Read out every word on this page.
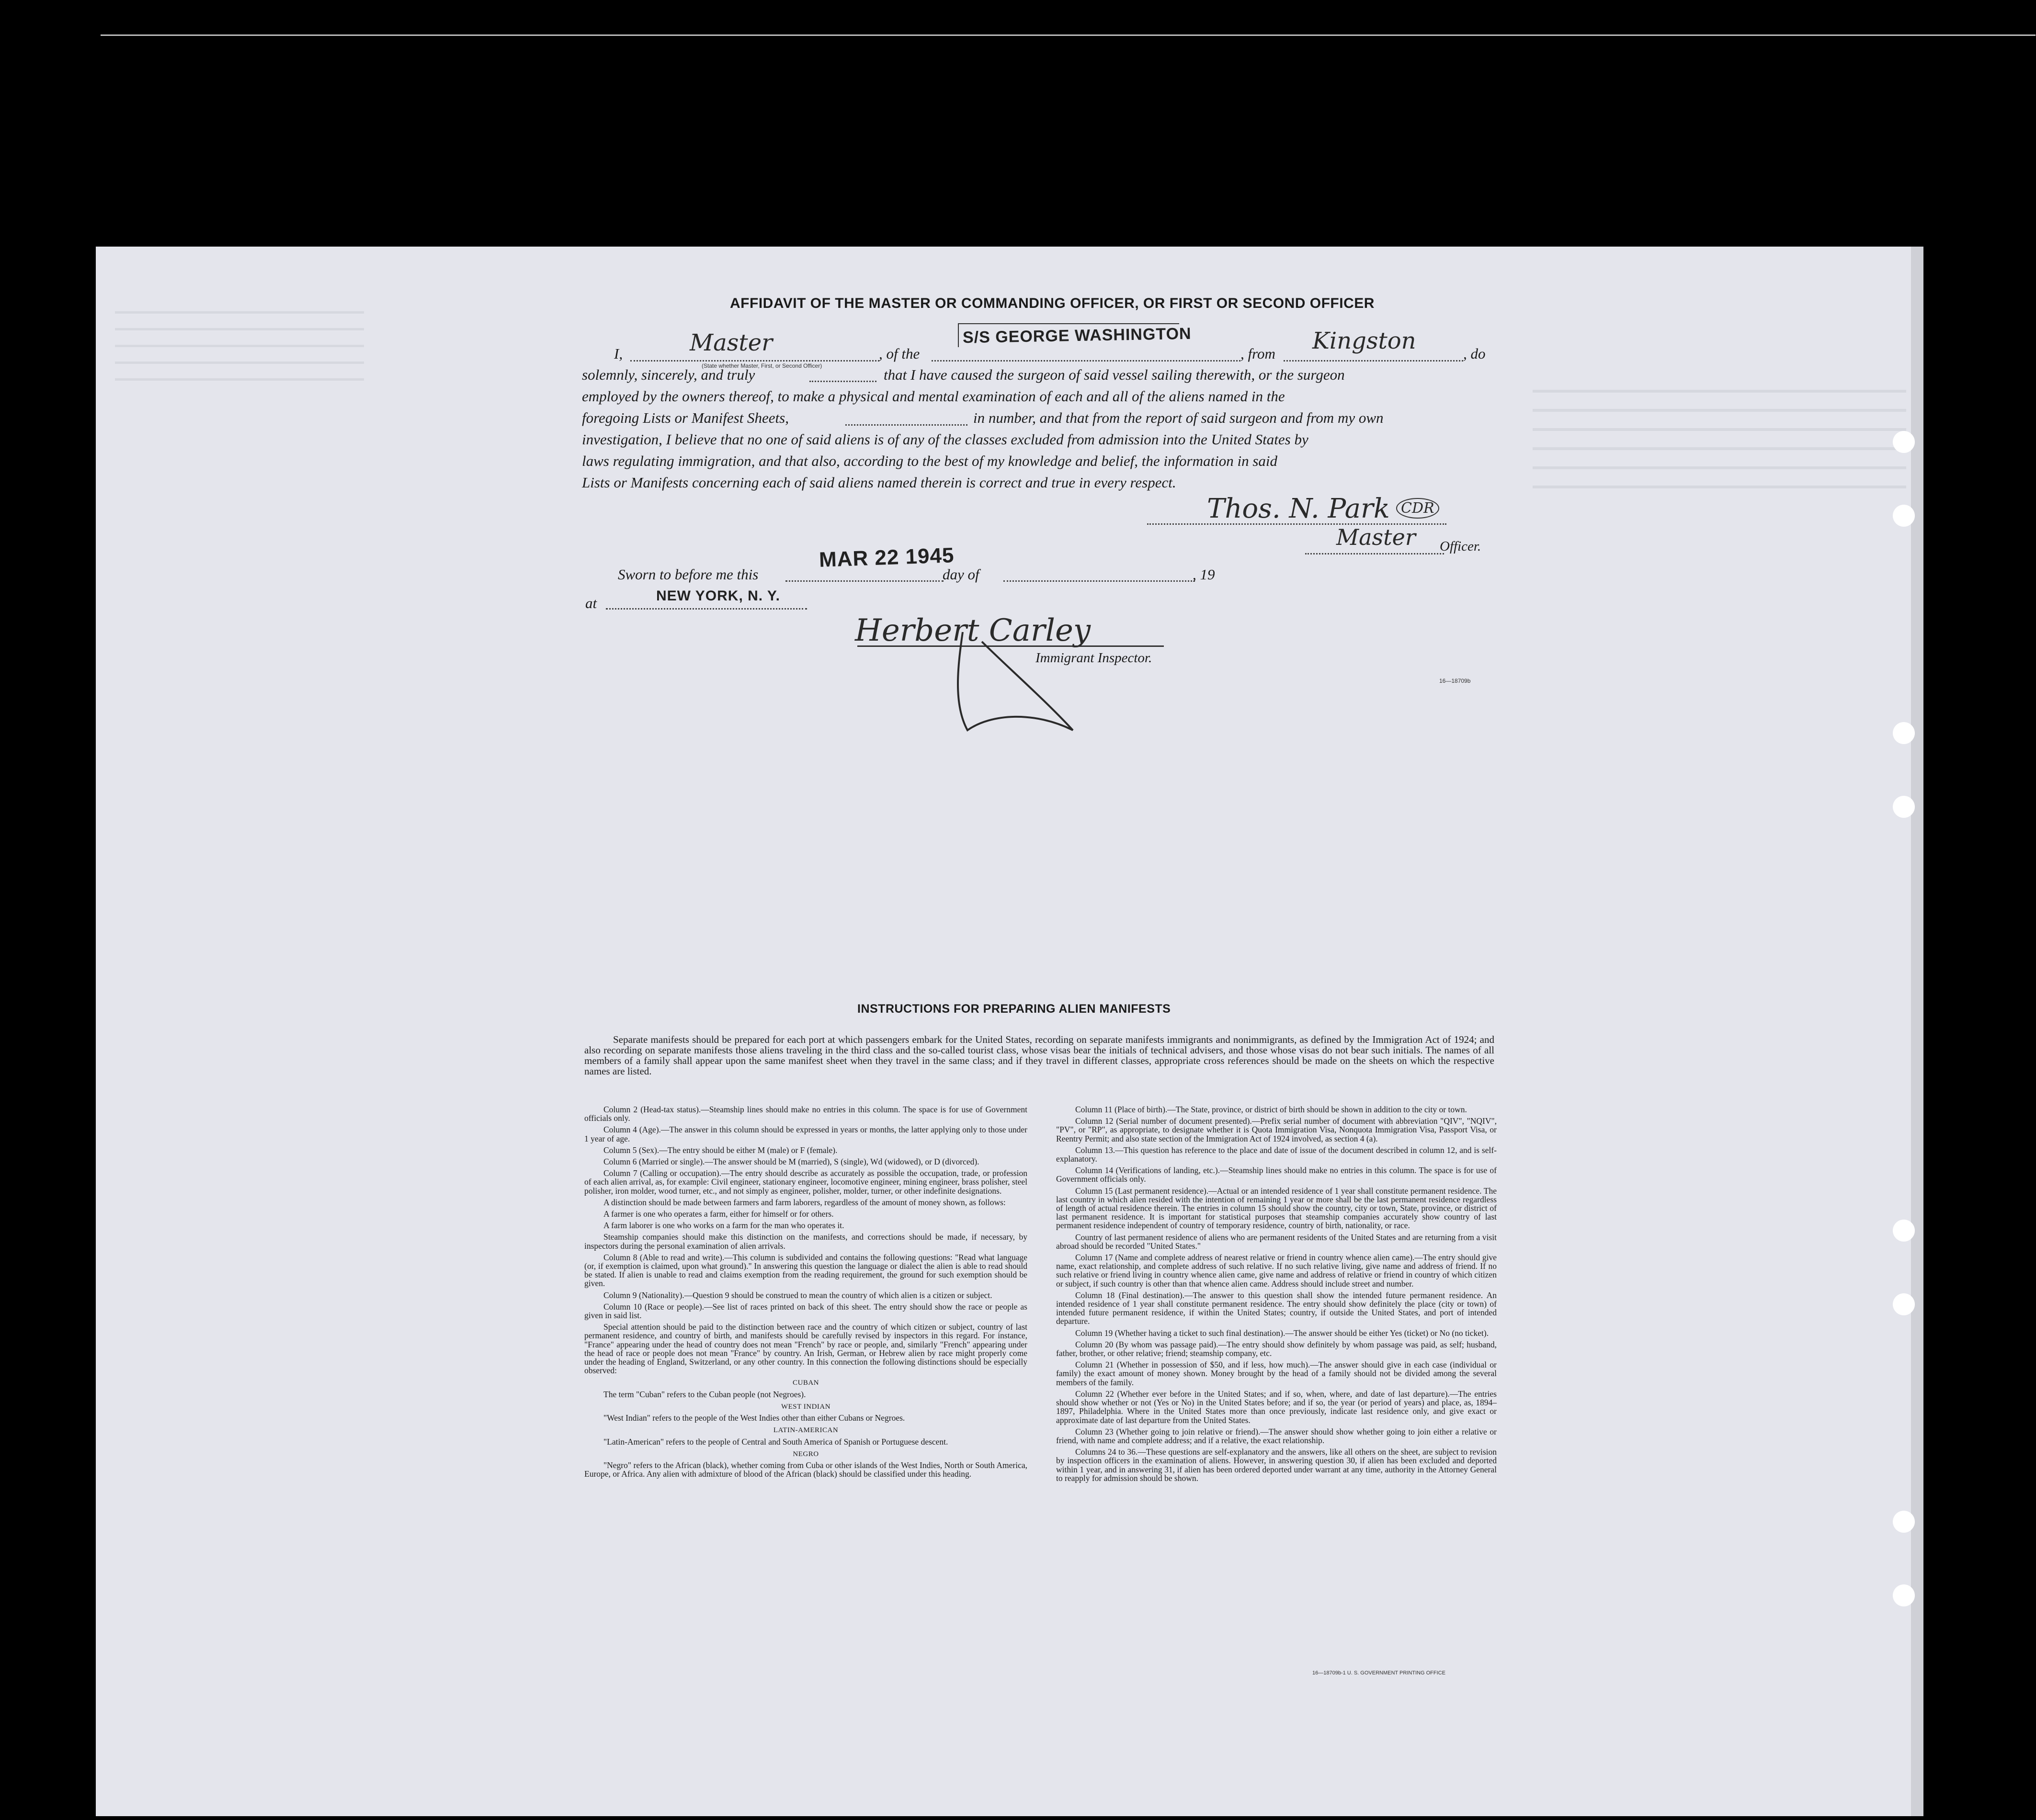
AFFIDAVIT OF THE MASTER OR COMMANDING OFFICER, OR FIRST OR SECOND OFFICER
I,	Master
(State whether Master, First, or Second Officer)
, of the
S/S GEORGE WASHINGTON
, from Kingston	, do
solemnly, sincerely, and truly	that I have caused the surgeon of said vessel sailing therewith, or the surgeon
employed by the owners thereof, to make a physical and mental examination of each and all of the aliens named in the
foregoing Lists or Manifest Sheets,	in number, and that from the report of said surgeon and from my own
investigation, I believe that no one of said aliens is of any of the classes excluded from admission into the United States by
laws regulating immigration, and that also, according to the best of my knowledge and belief, the information in said
Lists or Manifests concerning each of said aliens named therein is correct and true in every respect.
Thos. N. Park CDR
Master Officer.
Sworn to before me this
MAR 22 1945
day of	, 19
at	NEW YORK, N. Y.
Herbert Carley
Immigrant Inspector.
16—18709b
INSTRUCTIONS FOR PREPARING ALIEN MANIFESTS
Separate manifests should be prepared for each port at which passengers embark for the United States, recording on separate manifests immigrants and nonimmigrants, as defined by the Immigration Act of 1924; and also recording on separate manifests those aliens traveling in the third class and the so-called tourist class, whose visas bear the initials of technical advisers, and those whose visas do not bear such initials. The names of all members of a family shall appear upon the same manifest sheet when they travel in the same class; and if they travel in different classes, appropriate cross references should be made on the sheets on which the respective names are listed.

Column 2 (Head-tax status).—Steamship lines should make no entries in this column. The space is for use of Government officials only.

Column 4 (Age).—The answer in this column should be expressed in years or months, the latter applying only to those under 1 year of age.

Column 5 (Sex).—The entry should be either M (male) or F (female).

Column 6 (Married or single).—The answer should be M (married), S (single), Wd (widowed), or D (divorced).

Column 7 (Calling or occupation).—The entry should describe as accurately as possible the occupation, trade, or profession of each alien arrival, as, for example: Civil engineer, stationary engineer, locomotive engineer, mining engineer, brass polisher, steel polisher, iron molder, wood turner, etc., and not simply as engineer, polisher, molder, turner, or other indefinite designations.

A distinction should be made between farmers and farm laborers, regardless of the amount of money shown, as follows:

A farmer is one who operates a farm, either for himself or for others.

A farm laborer is one who works on a farm for the man who operates it.

Steamship companies should make this distinction on the manifests, and corrections should be made, if necessary, by inspectors during the personal examination of alien arrivals.

Column 8 (Able to read and write).—This column is subdivided and contains the following questions: "Read what language (or, if exemption is claimed, upon what ground)." In answering this question the language or dialect the alien is able to read should be stated. If alien is unable to read and claims exemption from the reading requirement, the ground for such exemption should be given.

Column 9 (Nationality).—Question 9 should be construed to mean the country of which alien is a citizen or subject.

Column 10 (Race or people).—See list of races printed on back of this sheet. The entry should show the race or people as given in said list.

Special attention should be paid to the distinction between race and the country of which citizen or subject, country of last permanent residence, and country of birth, and manifests should be carefully revised by inspectors in this regard. For instance, "France" appearing under the head of country does not mean "French" by race or people, and, similarly "French" appearing under the head of race or people does not mean "France" by country. An Irish, German, or Hebrew alien by race might properly come under the heading of England, Switzerland, or any other country. In this connection the following distinctions should be especially observed:

CUBAN

The term "Cuban" refers to the Cuban people (not Negroes).

WEST INDIAN

"West Indian" refers to the people of the West Indies other than either Cubans or Negroes.

LATIN-AMERICAN

"Latin-American" refers to the people of Central and South America of Spanish or Portuguese descent.

NEGRO

"Negro" refers to the African (black), whether coming from Cuba or other islands of the West Indies, North or South America, Europe, or Africa. Any alien with admixture of blood of the African (black) should be classified under this heading.

Column 11 (Place of birth).—The State, province, or district of birth should be shown in addition to the city or town.

Column 12 (Serial number of document presented).—Prefix serial number of document with abbreviation "QIV", "NQIV", "PV", or "RP", as appropriate, to designate whether it is Quota Immigration Visa, Nonquota Immigration Visa, Passport Visa, or Reentry Permit; and also state section of the Immigration Act of 1924 involved, as section 4 (a).

Column 13.—This question has reference to the place and date of issue of the document described in column 12, and is self-explanatory.

Column 14 (Verifications of landing, etc.).—Steamship lines should make no entries in this column. The space is for use of Government officials only.

Column 15 (Last permanent residence).—Actual or an intended residence of 1 year shall constitute permanent residence. The last country in which alien resided with the intention of remaining 1 year or more shall be the last permanent residence regardless of length of actual residence therein. The entries in column 15 should show the country, city or town, State, province, or district of last permanent residence. It is important for statistical purposes that steamship companies accurately show country of last permanent residence independent of country of temporary residence, country of birth, nationality, or race.

Country of last permanent residence of aliens who are permanent residents of the United States and are returning from a visit abroad should be recorded "United States."

Column 17 (Name and complete address of nearest relative or friend in country whence alien came).—The entry should give name, exact relationship, and complete address of such relative. If no such relative living, give name and address of friend. If no such relative or friend living in country whence alien came, give name and address of relative or friend in country of which citizen or subject, if such country is other than that whence alien came. Address should include street and number.

Column 18 (Final destination).—The answer to this question shall show the intended future permanent residence. An intended residence of 1 year shall constitute permanent residence. The entry should show definitely the place (city or town) of intended future permanent residence, if within the United States; country, if outside the United States, and port of intended departure.

Column 19 (Whether having a ticket to such final destination).—The answer should be either Yes (ticket) or No (no ticket).

Column 20 (By whom was passage paid).—The entry should show definitely by whom passage was paid, as self; husband, father, brother, or other relative; friend; steamship company, etc.

Column 21 (Whether in possession of $50, and if less, how much).—The answer should give in each case (individual or family) the exact amount of money shown. Money brought by the head of a family should not be divided among the several members of the family.

Column 22 (Whether ever before in the United States; and if so, when, where, and date of last departure).—The entries should show whether or not (Yes or No) in the United States before; and if so, the year (or period of years) and place, as, 1894–1897, Philadelphia. Where in the United States more than once previously, indicate last residence only, and give exact or approximate date of last departure from the United States.

Column 23 (Whether going to join relative or friend).—The answer should show whether going to join either a relative or friend, with name and complete address; and if a relative, the exact relationship.

Columns 24 to 36.—These questions are self-explanatory and the answers, like all others on the sheet, are subject to revision by inspection officers in the examination of aliens. However, in answering question 30, if alien has been excluded and deported within 1 year, and in answering 31, if alien has been ordered deported under warrant at any time, authority in the Attorney General to reapply for admission should be shown.

16—18709b-1 U. S. GOVERNMENT PRINTING OFFICE
